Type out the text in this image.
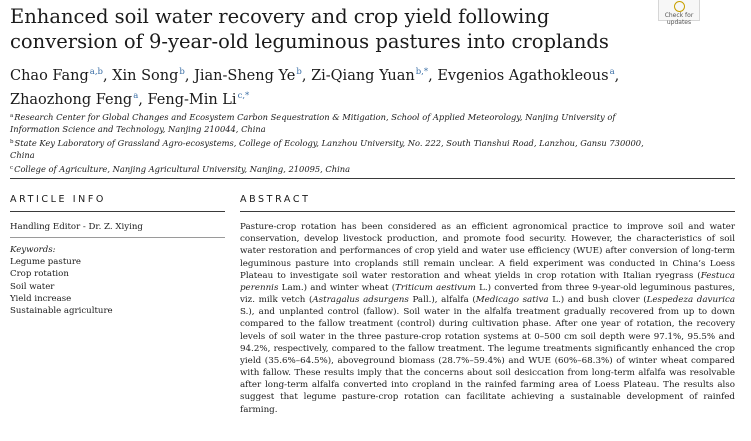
Enhanced soil water recovery and crop yield following conversion of 9-year-old leguminous pastures into croplands
Check for
updates
Chao Fang$^{a,b}$, Xin Song$^b$, Jian-Sheng Ye$^b$, Zi-Qiang Yuan$^{b,*}$, Evgenios Agathokleous$^a$,
Zhaozhong Feng$^a$, Feng-Min $Li^{c,*}$
$^a$Research Center for Global Changes and Ecosystem Carbon Sequestration & Mitigation, School of Applied Meteorology, Nanjing University of Information Science and Technology, Nanjing 210044, China
$^b$State Key Laboratory of Grassland Agro-ecosystems, College of Ecology, Lanzhou University, No. 222, South Tianshui Road, Lanzhou, Gansu 730000, China
$^c$College of Agriculture, Nanjing Agricultural University, Nanjing, 210095, China
ARTICLE INFO	ABSTRACT
Handling Editor - Dr. Z. Xiying
Keywords:
Legume pasture
Crop rotation
Soil water
Yield increase
Sustainable agriculture

Pasture-crop rotation has been considered as an efficient agronomical practice to improve soil and water conservation, develop livestock production, and promote food security. However, the characteristics of soil water restoration and performances of crop yield and water use efficiency (WUE) after conversion of long-term leguminous pasture into croplands still remain unclear. A field experiment was conducted in China’s Loess Plateau to investigate soil water restoration and wheat yields in crop rotation with Italian ryegrass (Festuca perennis Lam.) and winter wheat (Triticum aestivum L.) converted from three 9-year-old leguminous pastures, viz. milk vetch (Astragalus adsurgens Pall.), alfalfa (Medicago sativa L.) and bush clover (Lespedeza davurica S.), and unplanted control (fallow). Soil water in the alfalfa treatment gradually recovered from up to down compared to the fallow treatment (control) during cultivation phase. After one year of rotation, the recovery levels of soil water in the three pasture-crop rotation systems at 0–500 cm soil depth were 97.1%, 95.5% and 94.2%, respectively, compared to the fallow treatment. The legume treatments significantly enhanced the crop yield (35.6%–64.5%), aboveground biomass (28.7%–59.4%) and WUE (60%–68.3%) of winter wheat compared with fallow. These results imply that the concerns about soil desiccation from long-term alfalfa was resolvable after long-term alfalfa converted into cropland in the rainfed farming area of Loess Plateau. The results also suggest that legume pasture-crop rotation can facilitate achieving a sustainable development of rainfed farming.
